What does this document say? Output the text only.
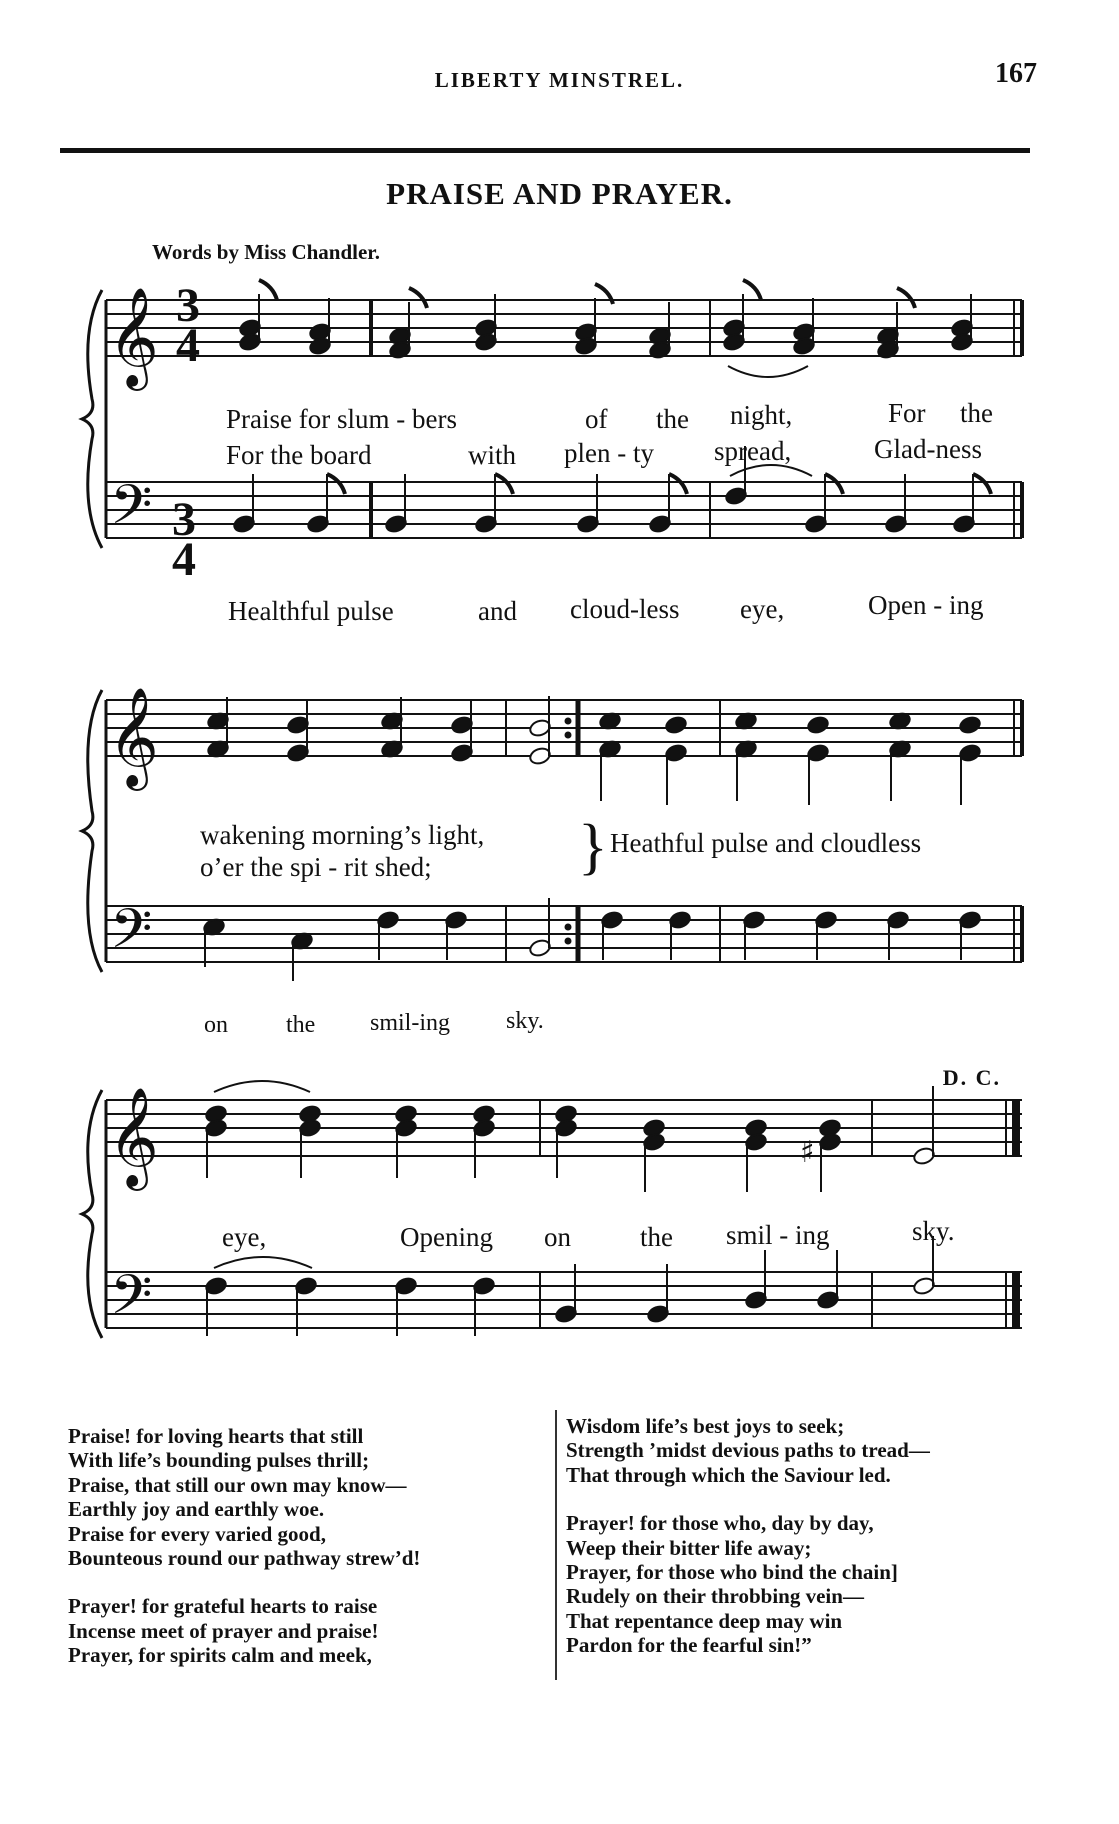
LIBERTY MINSTREL.	167
PRAISE AND PRAYER.
Words by Miss Chandler.
𝄞
𝄢
𝄞
𝄢
𝄞
𝄢
♯
3
4
3
4
Praise for slum - bers	of the night,	For the
For the board	with plen - ty spread,	Glad-ness
Healthful pulse	and cloud-less eye,	Open - ing
wakening morning’s light,
o’er the spi - rit shed; } Heathful pulse and cloudless
on the smil-ing sky.
D. C.
eye,	Opening on	the smil - ing	sky.
Praise! for loving hearts that still
With life’s bounding pulses thrill;
Praise, that still our own may know—
Earthly joy and earthly woe.
Praise for every varied good,
Bounteous round our pathway strew’d!
Prayer! for grateful hearts to raise
Incense meet of prayer and praise!
Prayer, for spirits calm and meek,
Wisdom life’s best joys to seek;
Strength ’midst devious paths to tread—
That through which the Saviour led.
Prayer! for those who, day by day,
Weep their bitter life away;
Prayer, for those who bind the chain]
Rudely on their throbbing vein—
That repentance deep may win
Pardon for the fearful sin!”
